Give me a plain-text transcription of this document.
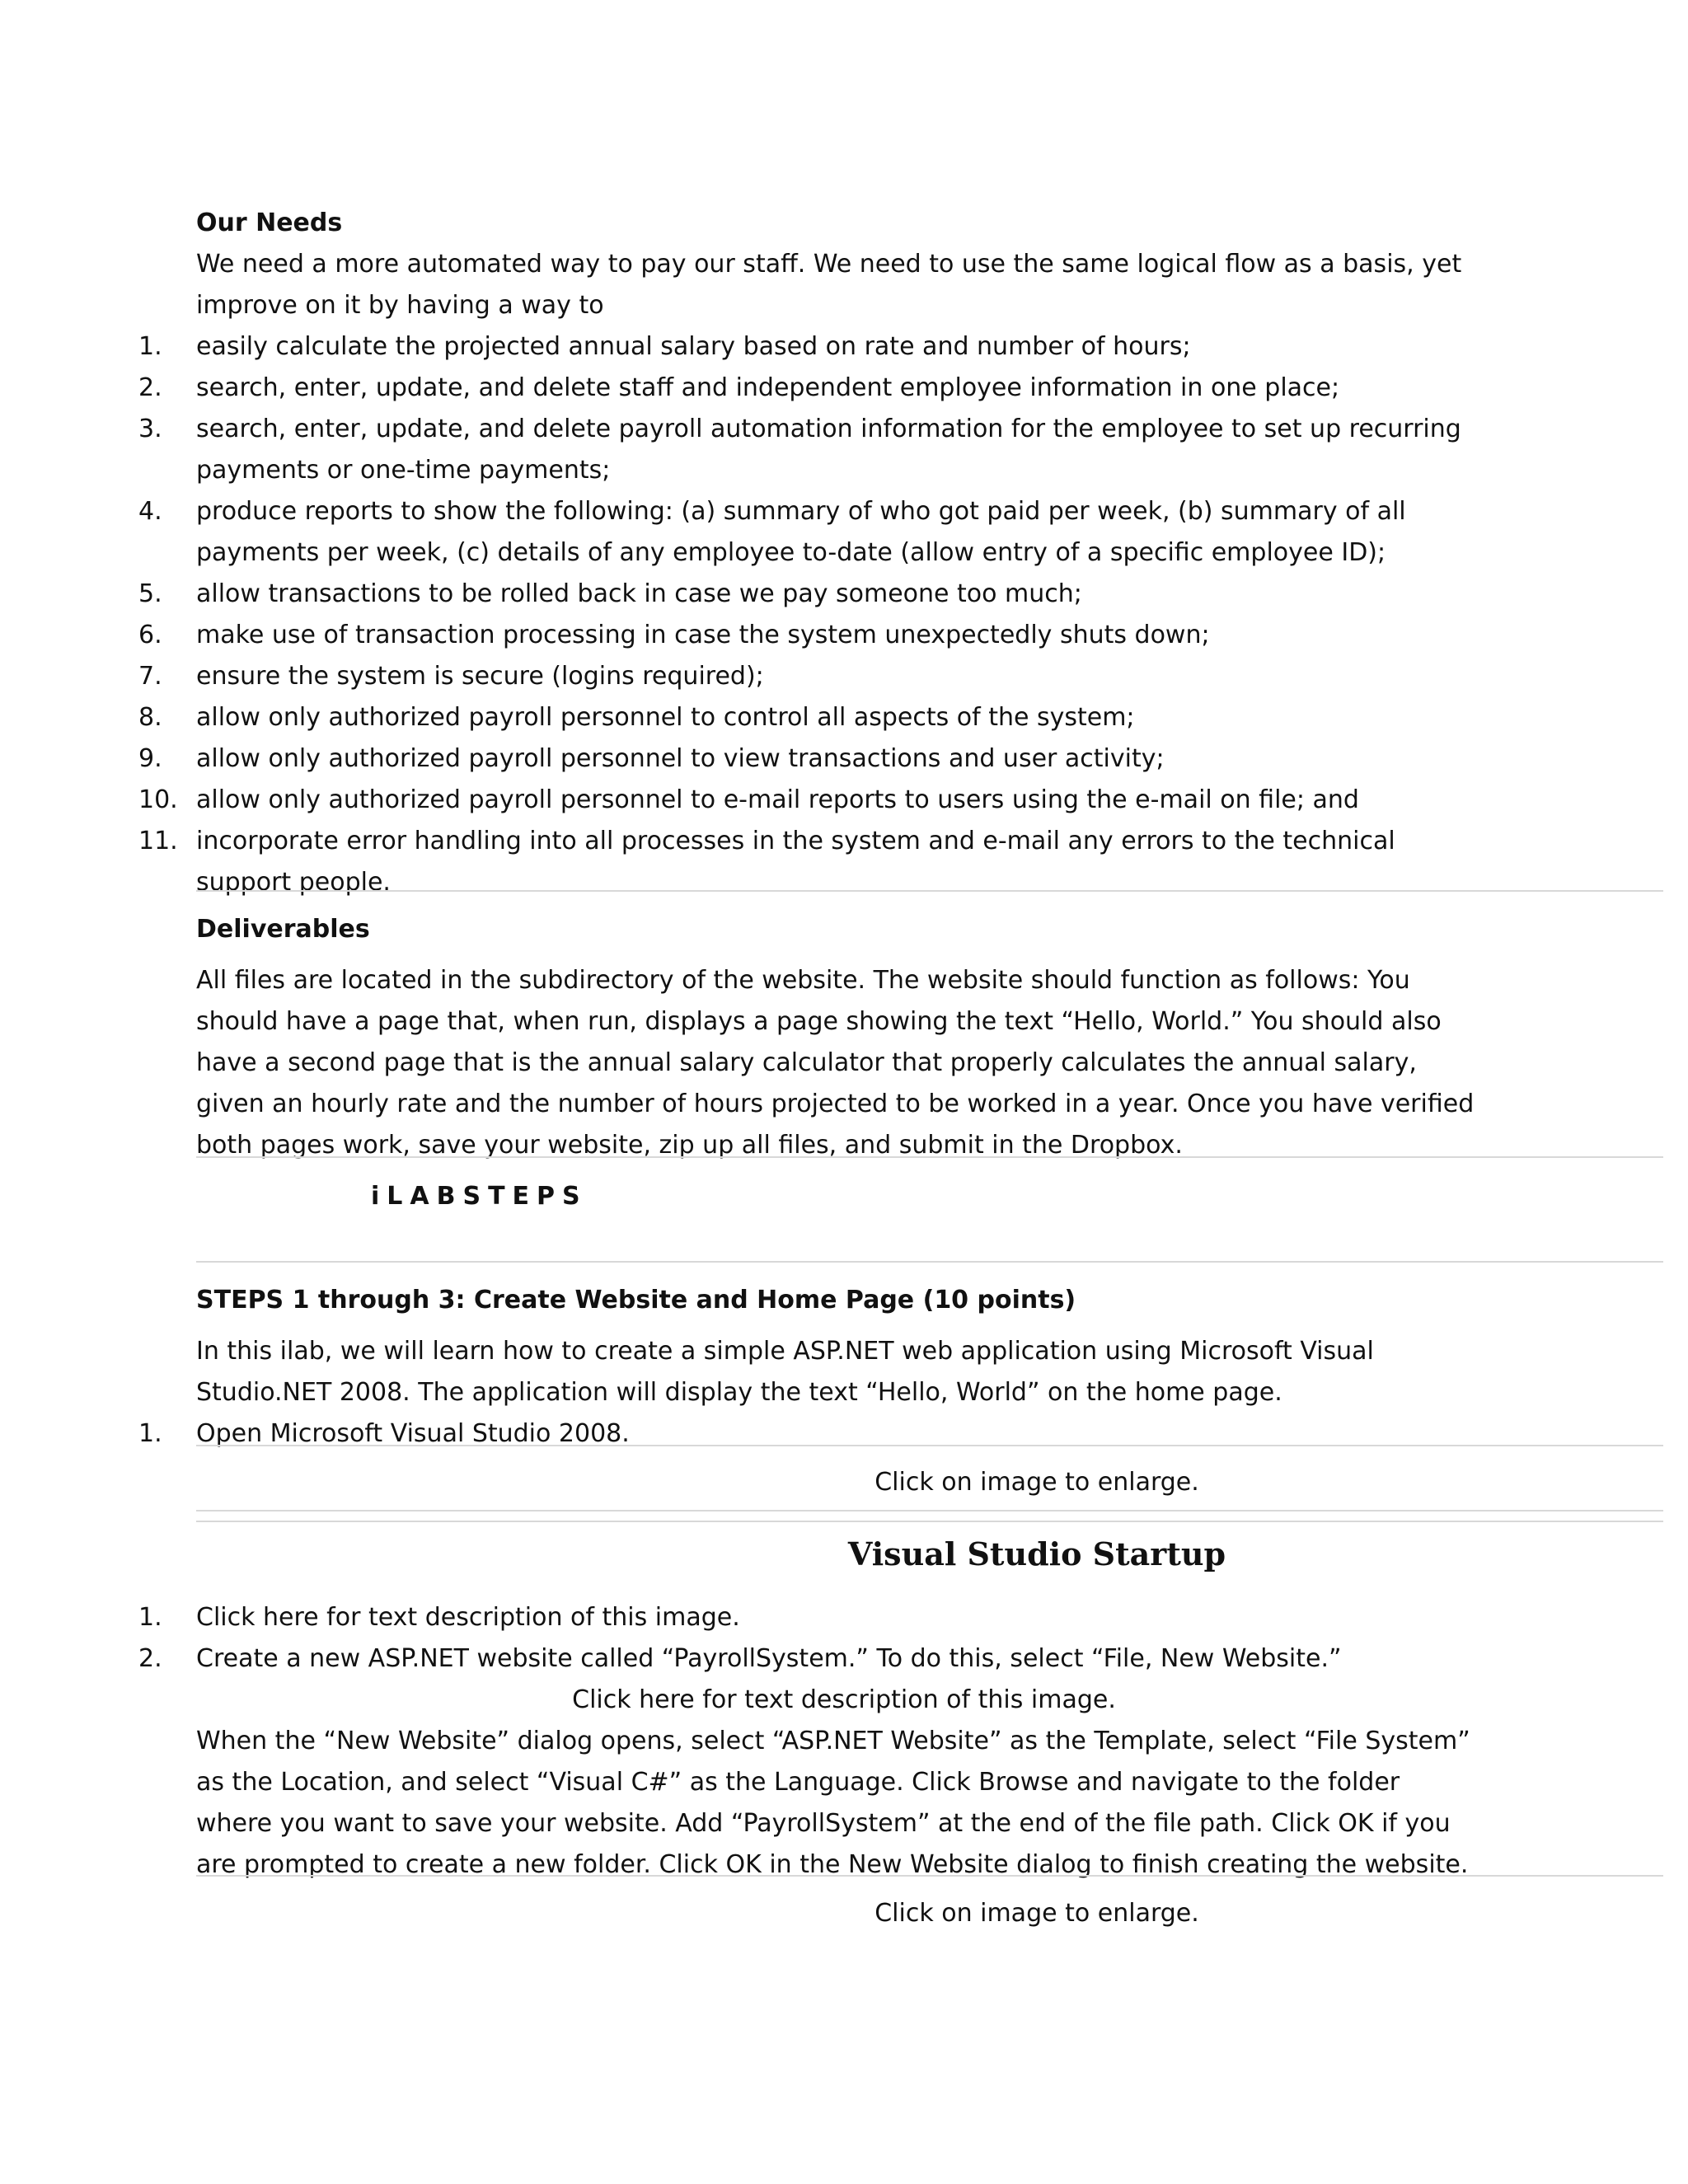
Our Needs
We need a more automated way to pay our staff. We need to use the same logical flow as a basis, yet improve on it by having a way to
1.	easily calculate the projected annual salary based on rate and number of hours;
2.	search, enter, update, and delete staff and independent employee information in one place;
3.	search, enter, update, and delete payroll automation information for the employee to set up recurring payments or one-time payments;
4.	produce reports to show the following: (a) summary of who got paid per week, (b) summary of all payments per week, (c) details of any employee to-date (allow entry of a specific employee ID);
5.	allow transactions to be rolled back in case we pay someone too much;
6.	make use of transaction processing in case the system unexpectedly shuts down;
7.	ensure the system is secure (logins required);
8.	allow only authorized payroll personnel to control all aspects of the system;
9.	allow only authorized payroll personnel to view transactions and user activity;
10. allow only authorized payroll personnel to e-mail reports to users using the e-mail on file; and
11. incorporate error handling into all processes in the system and e-mail any errors to the technical support people.
Deliverables
All files are located in the subdirectory of the website. The website should function as follows: You should have a page that, when run, displays a page showing the text “Hello, World.” You should also have a second page that is the annual salary calculator that properly calculates the annual salary, given an hourly rate and the number of hours projected to be worked in a year. Once you have verified both pages work, save your website, zip up all files, and submit in the Dropbox.
iLABSTEPS
STEPS 1 through 3: Create Website and Home Page (10 points)
In this ilab, we will learn how to create a simple ASP.NET web application using Microsoft Visual Studio.NET 2008. The application will display the text “Hello, World” on the home page.
1.	Open Microsoft Visual Studio 2008.
Click on image to enlarge.
Visual Studio Startup
1.	Click here for text description of this image.
2.	Create a new ASP.NET website called “PayrollSystem.” To do this, select “File, New Website.”
Click here for text description of this image.
When the “New Website” dialog opens, select “ASP.NET Website” as the Template, select “File System” as the Location, and select “Visual C#” as the Language. Click Browse and navigate to the folder where you want to save your website. Add “PayrollSystem” at the end of the file path. Click OK if you are prompted to create a new folder. Click OK in the New Website dialog to finish creating the website.
Click on image to enlarge.
